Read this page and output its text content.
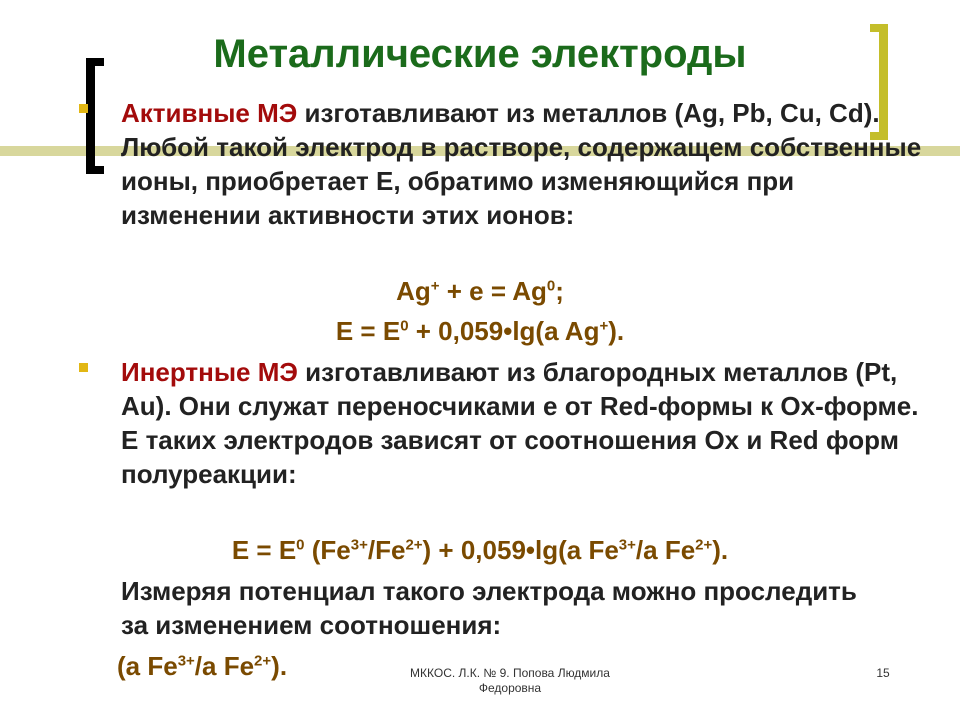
Металлические электроды
Активные МЭ изготавливают из металлов (Ag, Pb, Cu, Cd). Любой такой электрод в растворе, содержащем собственные ионы, приобретает Е, обратимо изменяющийся при изменении активности этих ионов:
$Ag^+ + e = Ag^0$;
$E = E^0$ + 0,059•lg(a Ag+).
Инертные МЭ изготавливают из благородных металлов (Pt, Au). Они служат переносчиками е от Red-формы к Ох-форме. Е таких электродов зависят от соотношения Ох и Red форм полуреакции:
$E = E^0$ $(Fe^{3+}/Fe^{2+})$ + 0,059•lg(a $Fe^{3+}/a$ $Fe^{2+}$).
Измеряя потенциал такого электрода можно проследить за изменением соотношения:
(a $Fe^{3+}/a$ $Fe^{2+}$).	МККОС. Л.К. № 9. Попова Людмила
Федоровна
15
